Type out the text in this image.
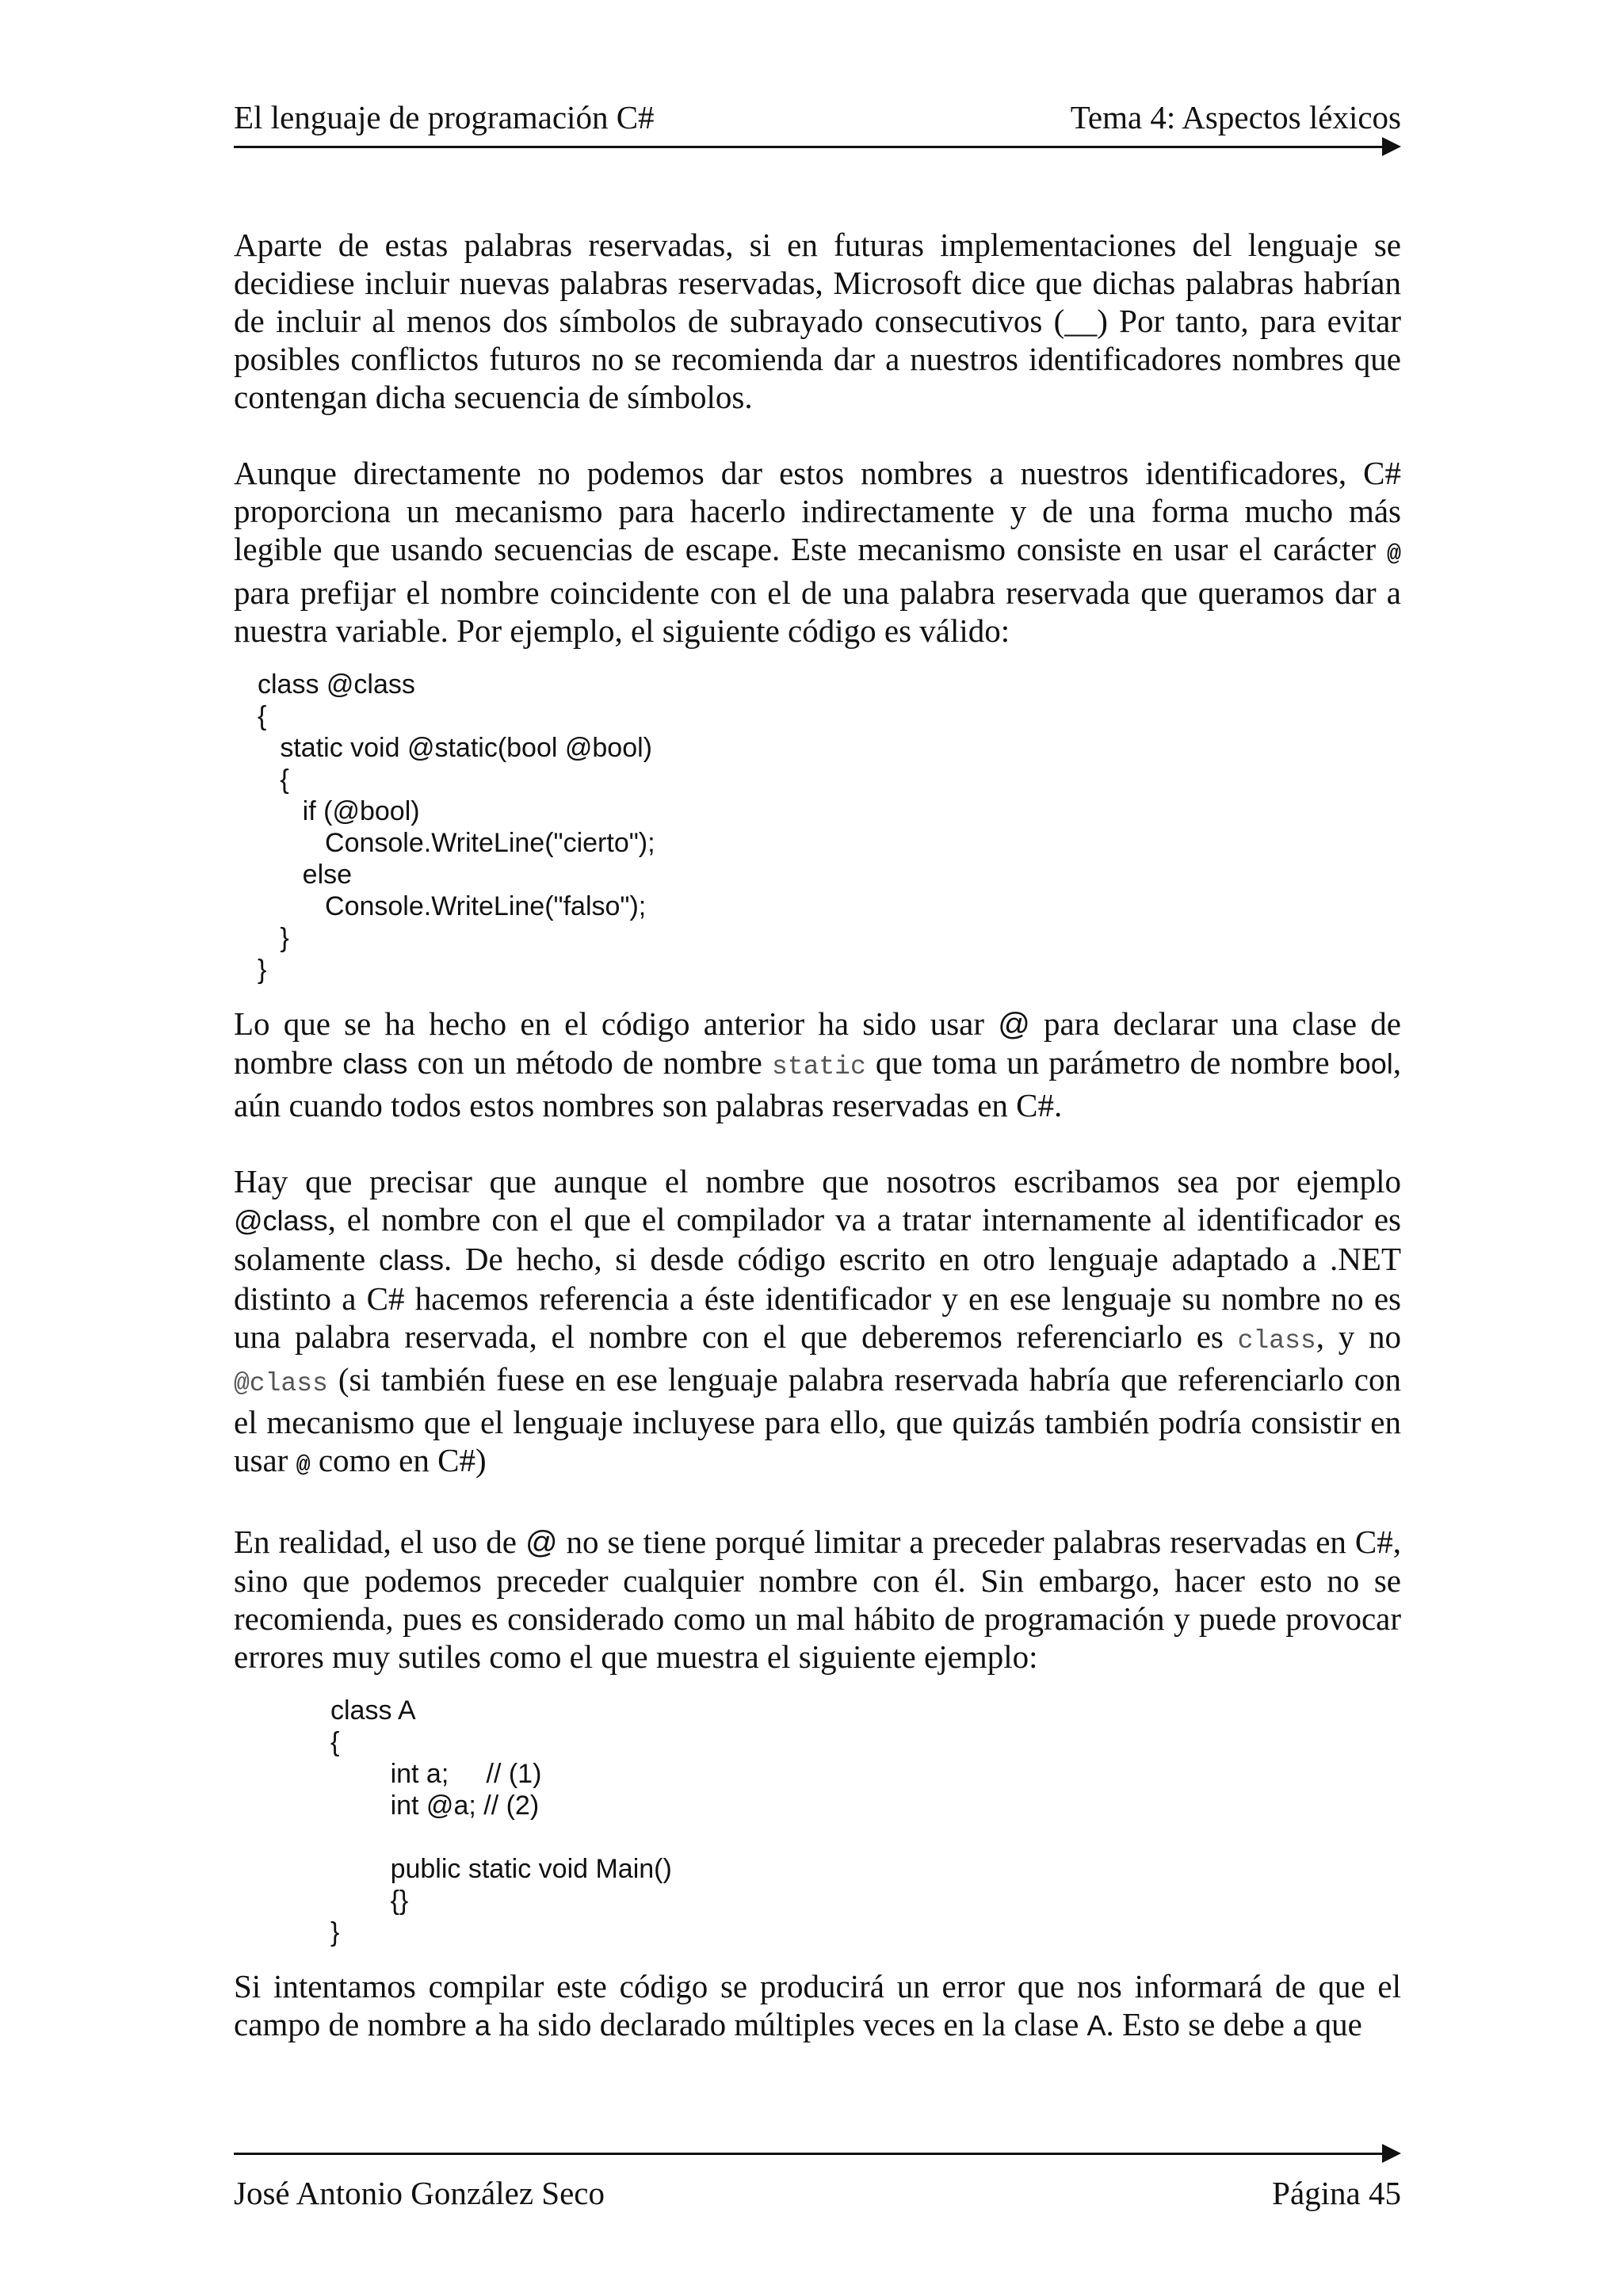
El lenguaje de programación C#	Tema 4: Aspectos léxicos

Aparte de estas palabras reservadas, si en futuras implementaciones del lenguaje se decidiese incluir nuevas palabras reservadas, Microsoft dice que dichas palabras habrían de incluir al menos dos símbolos de subrayado consecutivos (__) Por tanto, para evitar posibles conflictos futuros no se recomienda dar a nuestros identificadores nombres que contengan dicha secuencia de símbolos.

Aunque directamente no podemos dar estos nombres a nuestros identificadores, C# proporciona un mecanismo para hacerlo indirectamente y de una forma mucho más legible que usando secuencias de escape. Este mecanismo consiste en usar el carácter @ para prefijar el nombre coincidente con el de una palabra reservada que queramos dar a nuestra variable. Por ejemplo, el siguiente código es válido:

class @class
{
static void @static(bool @bool)
{
if (@bool)
Console.WriteLine("cierto");
else
Console.WriteLine("falso");
}
}

Lo que se ha hecho en el código anterior ha sido usar @ para declarar una clase de nombre class con un método de nombre static que toma un parámetro de nombre bool, aún cuando todos estos nombres son palabras reservadas en C#.

Hay que precisar que aunque el nombre que nosotros escribamos sea por ejemplo @class, el nombre con el que el compilador va a tratar internamente al identificador es solamente class. De hecho, si desde código escrito en otro lenguaje adaptado a .NET distinto a C# hacemos referencia a éste identificador y en ese lenguaje su nombre no es una palabra reservada, el nombre con el que deberemos referenciarlo es class, y no @class (si también fuese en ese lenguaje palabra reservada habría que referenciarlo con el mecanismo que el lenguaje incluyese para ello, que quizás también podría consistir en usar @ como en C#)

En realidad, el uso de @ no se tiene porqué limitar a preceder palabras reservadas en C#, sino que podemos preceder cualquier nombre con él. Sin embargo, hacer esto no se recomienda, pues es considerado como un mal hábito de programación y puede provocar errores muy sutiles como el que muestra el siguiente ejemplo:

class A
{
int a;     // (1)
int @a; // (2)

public static void Main()
{}
}

Si intentamos compilar este código se producirá un error que nos informará de que el campo de nombre a ha sido declarado múltiples veces en la clase A. Esto se debe a que

José Antonio González Seco	Página 45
